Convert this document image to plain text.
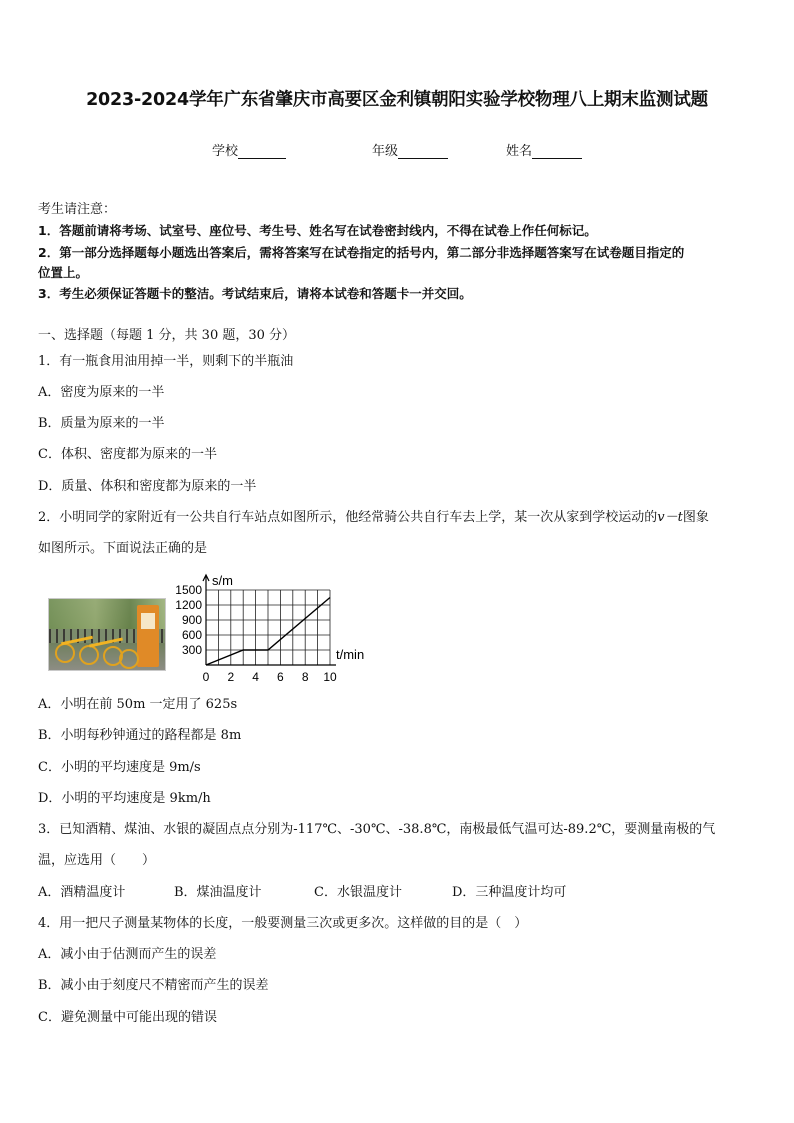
2023-2024学年广东省肇庆市高要区金利镇朝阳实验学校物理八上期末监测试题
学校	年级	姓名
考生请注意：
1．答题前请将考场、试室号、座位号、考生号、姓名写在试卷密封线内，不得在试卷上作任何标记。
2．第一部分选择题每小题选出答案后，需将答案写在试卷指定的括号内，第二部分非选择题答案写在试卷题目指定的
位置上。
3．考生必须保证答题卡的整洁。考试结束后，请将本试卷和答题卡一并交回。
一、选择题（每题 1 分，共 30 题，30 分）
1．有一瓶食用油用掉一半，则剩下的半瓶油
A．密度为原来的一半
B．质量为原来的一半
C．体积、密度都为原来的一半
D．质量、体积和密度都为原来的一半
2．小明同学的家附近有一公共自行车站点如图所示，他经常骑公共自行车去上学，某一次从家到学校运动的v－t图象
如图所示。下面说法正确的是
300
600
900
1200
1500
0 2 4 6 8 10
s/m
t/min
A．小明在前 50m 一定用了 625s
B．小明每秒钟通过的路程都是 8m
C．小明的平均速度是 9m/s
D．小明的平均速度是 9km/h
3．已知酒精、煤油、水银的凝固点点分别为-117℃、-30℃、-38.8℃，南极最低气温可达-89.2℃，要测量南极的气
温，应选用（　　）
A．酒精温度计	B．煤油温度计	C．水银温度计	D．三种温度计均可
4．用一把尺子测量某物体的长度，一般要测量三次或更多次。这样做的目的是（　）
A．减小由于估测而产生的误差
B．减小由于刻度尺不精密而产生的误差
C．避免测量中可能出现的错误
